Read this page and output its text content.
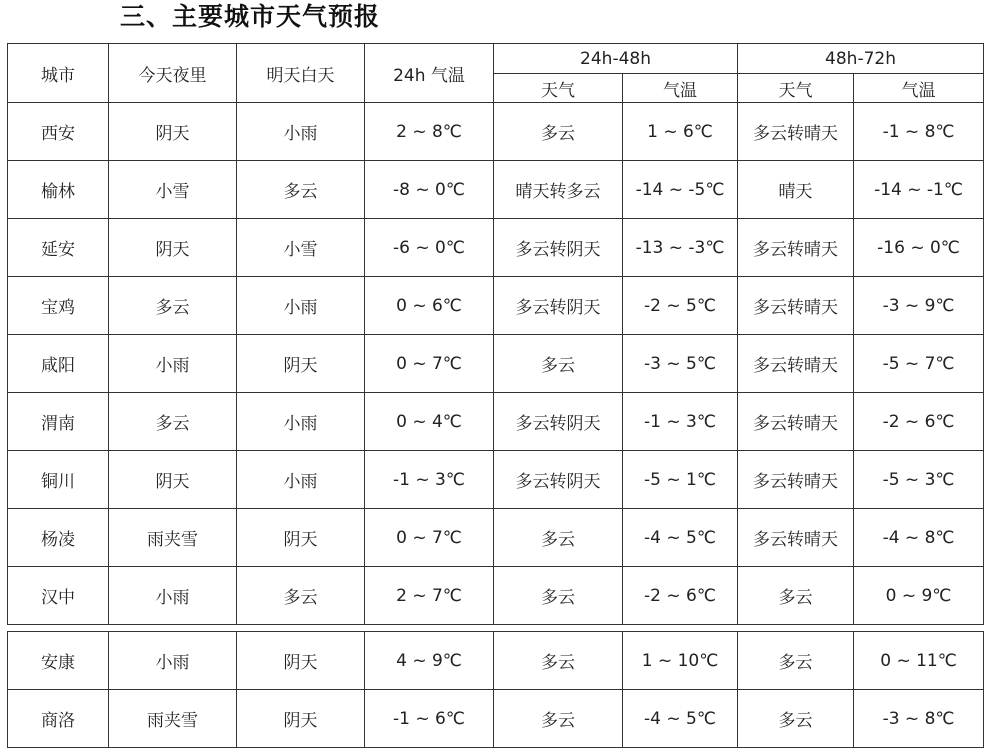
三、主要城市天气预报
城市	今天夜里	明天白天	24h 气温	24h-48h		48h-72h	
				天气	气温	天气	气温
西安	阴天	小雨	2 ~ 8℃	多云	1 ~ 6℃	多云转晴天	-1 ~ 8℃
榆林	小雪	多云	-8 ~ 0℃	晴天转多云	-14 ~ -5℃	晴天	-14 ~ -1℃
延安	阴天	小雪	-6 ~ 0℃	多云转阴天	-13 ~ -3℃	多云转晴天	-16 ~ 0℃
宝鸡	多云	小雨	0 ~ 6℃	多云转阴天	-2 ~ 5℃	多云转晴天	-3 ~ 9℃
咸阳	小雨	阴天	0 ~ 7℃	多云	-3 ~ 5℃	多云转晴天	-5 ~ 7℃
渭南	多云	小雨	0 ~ 4℃	多云转阴天	-1 ~ 3℃	多云转晴天	-2 ~ 6℃
铜川	阴天	小雨	-1 ~ 3℃	多云转阴天	-5 ~ 1℃	多云转晴天	-5 ~ 3℃
杨凌	雨夹雪	阴天	0 ~ 7℃	多云	-4 ~ 5℃	多云转晴天	-4 ~ 8℃
汉中	小雨	多云	2 ~ 7℃	多云	-2 ~ 6℃	多云	0 ~ 9℃

安康	小雨	阴天	4 ~ 9℃	多云	1 ~ 10℃	多云	0 ~ 11℃
商洛	雨夹雪	阴天	-1 ~ 6℃	多云	-4 ~ 5℃	多云	-3 ~ 8℃
